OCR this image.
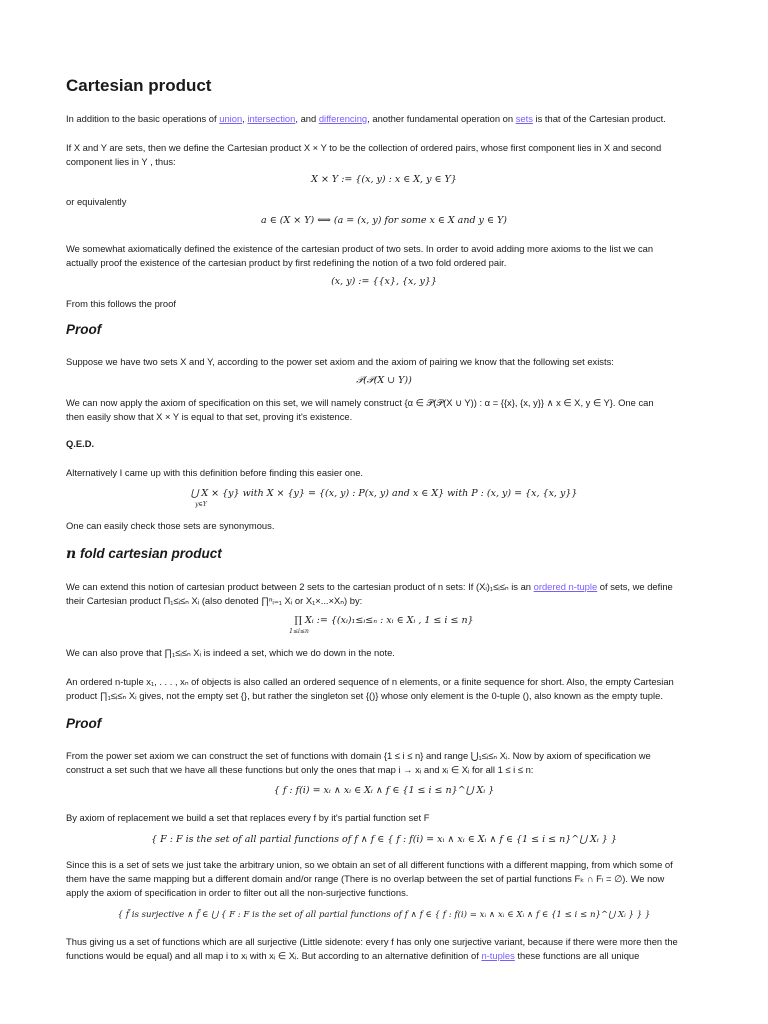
Cartesian product

In addition to the basic operations of union, intersection, and differencing, another fundamental operation on sets is that of the Cartesian product.

If X and Y are sets, then we define the Cartesian product X × Y to be the collection of ordered pairs, whose first component lies in X and second

component lies in Y , thus:

X × Y := {(x, y) : x ∈ X, y ∈ Y}

or equivalently

a ∈ (X × Y) ⟺ (a = (x, y) for some x ∈ X and y ∈ Y)

We somewhat axiomatically defined the existence of the cartesian product of two sets. In order to avoid adding more axioms to the list we can

actually proof the existence of the cartesian product by first redefining the notion of a two fold ordered pair.

(x, y) := {{x}, {x, y}}

From this follows the proof

Proof

Suppose we have two sets X and Y, according to the power set axiom and the axiom of pairing we know that the following set exists:

𝒫(𝒫(X ∪ Y))

We can now apply the axiom of specification on this set, we will namely construct {α ∈ 𝒫(𝒫(X ∪ Y)) : α = {{x}, {x, y}} ∧ x ∈ X, y ∈ Y}. One can

then easily show that X × Y is equal to that set, proving it's existence.

Q.E.D.

Alternatively I came up with this definition before finding this easier one.

⋃ X × {y} with X × {y} = {(x, y) : P(x, y) and x ∈ X} with P : (x, y) = {x, {x, y}}
y∈Y

One can easily check those sets are synonymous.

n fold cartesian product

We can extend this notion of cartesian product between 2 sets to the cartesian product of n sets: If (Xᵢ)₁≤ᵢ≤ₙ is an ordered n-tuple of sets, we define

their Cartesian product Π₁≤ᵢ≤ₙ Xᵢ (also denoted ∏ⁿᵢ₌₁ Xᵢ or X₁×...×Xₙ) by:

∏ Xᵢ := {(xᵢ)₁≤ᵢ≤ₙ : xᵢ ∈ Xᵢ , 1 ≤ i ≤ n}
1≤i≤n

We can also prove that ∏₁≤ᵢ≤ₙ Xᵢ is indeed a set, which we do down in the note.

An ordered n-tuple x₁, . . . , xₙ of objects is also called an ordered sequence of n elements, or a finite sequence for short. Also, the empty Cartesian

product ∏₁≤ᵢ≤ₙ Xᵢ gives, not the empty set {}, but rather the singleton set {()} whose only element is the 0-tuple (), also known as the empty tuple.

Proof

From the power set axiom we can construct the set of functions with domain {1 ≤ i ≤ n} and range ⋃₁≤ᵢ≤ₙ Xᵢ. Now by axiom of specification we

construct a set such that we have all these functions but only the ones that map i → xᵢ and xᵢ ∈ Xᵢ for all 1 ≤ i ≤ n:

{ f : f(i) = xᵢ ∧ xᵢ ∈ Xᵢ ∧ f ∈ {1 ≤ i ≤ n}^⋃ Xᵢ }

By axiom of replacement we build a set that replaces every f by it's partial function set F

{ F : F is the set of all partial functions of f ∧ f ∈ { f : f(i) = xᵢ ∧ xᵢ ∈ Xᵢ ∧ f ∈ {1 ≤ i ≤ n}^⋃ Xᵢ } }

Since this is a set of sets we just take the arbitrary union, so we obtain an set of all different functions with a different mapping, from which some of

them have the same mapping but a different domain and/or range (There is no overlap between the set of partial functions Fₖ ∩ Fₗ = ∅). We now

apply the axiom of specification in order to filter out all the non-surjective functions.

{ f̃ is surjective ∧ f̃ ∈ ⋃ { F : F is the set of all partial functions of f ∧ f ∈ { f : f(i) = xᵢ ∧ xᵢ ∈ Xᵢ ∧ f ∈ {1 ≤ i ≤ n}^⋃ Xᵢ } } }

Thus giving us a set of functions which are all surjective (Little sidenote: every f has only one surjective variant, because if there were more then the

functions would be equal) and all map i to xᵢ with xᵢ ∈ Xᵢ. But according to an alternative definition of n-tuples these functions are all unique
